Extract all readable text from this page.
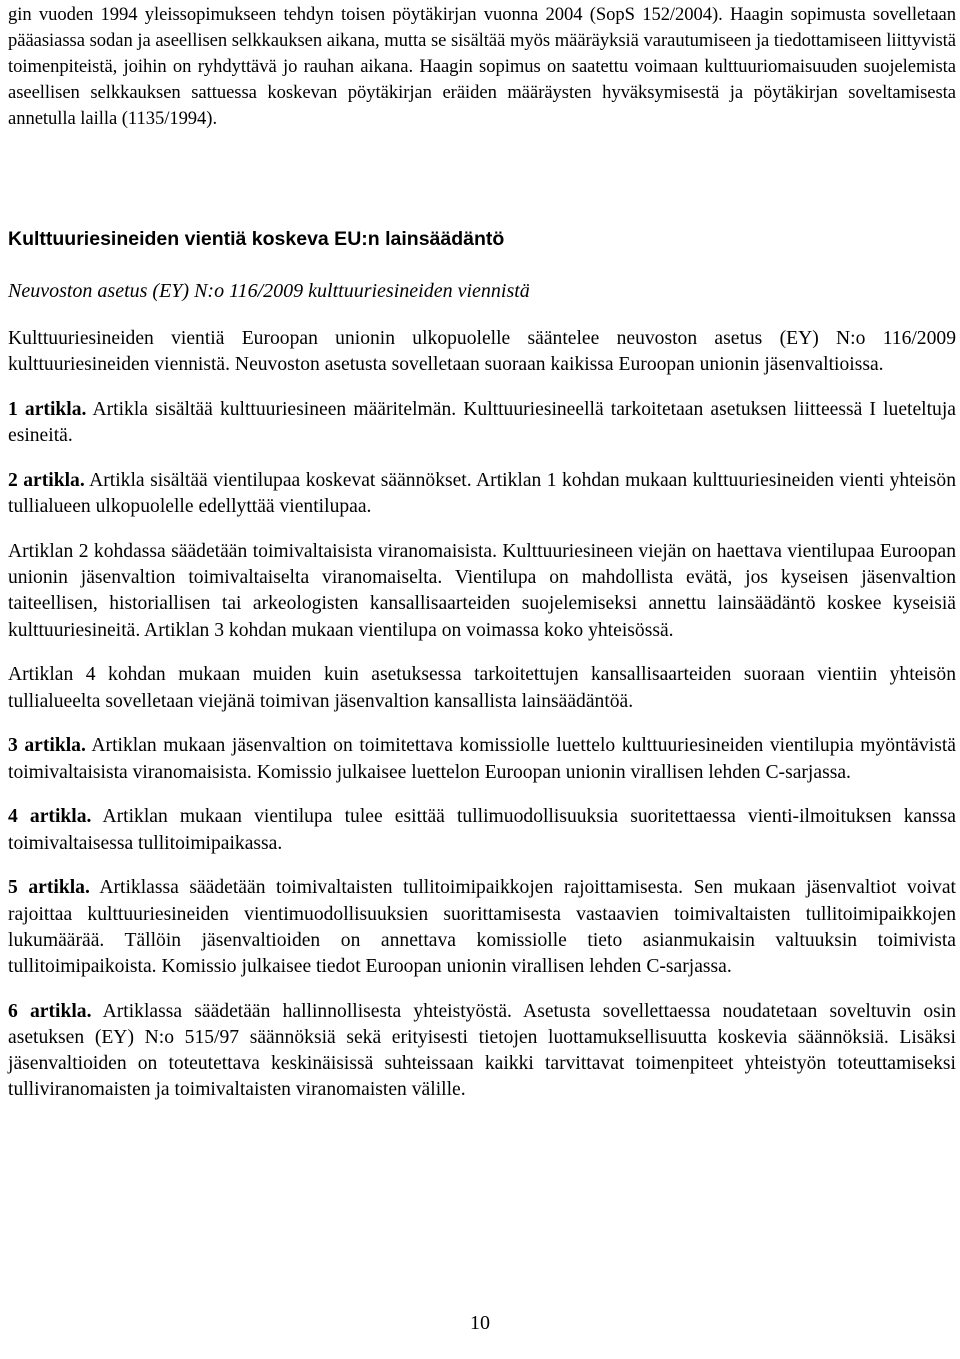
gin vuoden 1994 yleissopimukseen tehdyn toisen pöytäkirjan vuonna 2004 (SopS 152/2004). Haagin sopimusta sovelletaan pääasiassa sodan ja aseellisen selkkauksen aikana, mutta se sisältää myös määräyksiä varautumiseen ja tiedottamiseen liittyvistä toimenpiteistä, joihin on ryhdyttävä jo rauhan aikana. Haagin sopimus on saatettu voimaan kulttuuriomaisuuden suojelemista aseellisen selkkauksen sattuessa koskevan pöytäkirjan eräiden määräysten hyväksymisestä ja pöytäkirjan soveltamisesta annetulla lailla (1135/1994).

Kulttuuriesineiden vientiä koskeva EU:n lainsäädäntö

Neuvoston asetus (EY) N:o 116/2009 kulttuuriesineiden viennistä

Kulttuuriesineiden vientiä Euroopan unionin ulkopuolelle sääntelee neuvoston asetus (EY) N:o 116/2009 kulttuuriesineiden viennistä. Neuvoston asetusta sovelletaan suoraan kaikissa Euroopan unionin jäsenvaltioissa.

1 artikla. Artikla sisältää kulttuuriesineen määritelmän. Kulttuuriesineellä tarkoitetaan asetuksen liitteessä I lueteltuja esineitä.

2 artikla. Artikla sisältää vientilupaa koskevat säännökset. Artiklan 1 kohdan mukaan kulttuuriesineiden vienti yhteisön tullialueen ulkopuolelle edellyttää vientilupaa.

Artiklan 2 kohdassa säädetään toimivaltaisista viranomaisista. Kulttuuriesineen viejän on haettava vientilupaa Euroopan unionin jäsenvaltion toimivaltaiselta viranomaiselta. Vientilupa on mahdollista evätä, jos kyseisen jäsenvaltion taiteellisen, historiallisen tai arkeologisten kansallisaarteiden suojelemiseksi annettu lainsäädäntö koskee kyseisiä kulttuuriesineitä. Artiklan 3 kohdan mukaan vientilupa on voimassa koko yhteisössä.

Artiklan 4 kohdan mukaan muiden kuin asetuksessa tarkoitettujen kansallisaarteiden suoraan vientiin yhteisön tullialueelta sovelletaan viejänä toimivan jäsenvaltion kansallista lainsäädäntöä.

3 artikla. Artiklan mukaan jäsenvaltion on toimitettava komissiolle luettelo kulttuuriesineiden vientilupia myöntävistä toimivaltaisista viranomaisista. Komissio julkaisee luettelon Euroopan unionin virallisen lehden C-sarjassa.

4 artikla. Artiklan mukaan vientilupa tulee esittää tullimuodollisuuksia suoritettaessa vienti-ilmoituksen kanssa toimivaltaisessa tullitoimipaikassa.

5 artikla. Artiklassa säädetään toimivaltaisten tullitoimipaikkojen rajoittamisesta. Sen mukaan jäsenvaltiot voivat rajoittaa kulttuuriesineiden vientimuodollisuuksien suorittamisesta vastaavien toimivaltaisten tullitoimipaikkojen lukumäärää. Tällöin jäsenvaltioiden on annettava komissiolle tieto asianmukaisin valtuuksin toimivista tullitoimipaikoista. Komissio julkaisee tiedot Euroopan unionin virallisen lehden C-sarjassa.

6 artikla. Artiklassa säädetään hallinnollisesta yhteistyöstä. Asetusta sovellettaessa noudatetaan soveltuvin osin asetuksen (EY) N:o 515/97 säännöksiä sekä erityisesti tietojen luottamuksellisuutta koskevia säännöksiä. Lisäksi jäsenvaltioiden on toteutettava keskinäisissä suhteissaan kaikki tarvittavat toimenpiteet yhteistyön toteuttamiseksi tulliviranomaisten ja toimivaltaisten viranomaisten välille.

10
